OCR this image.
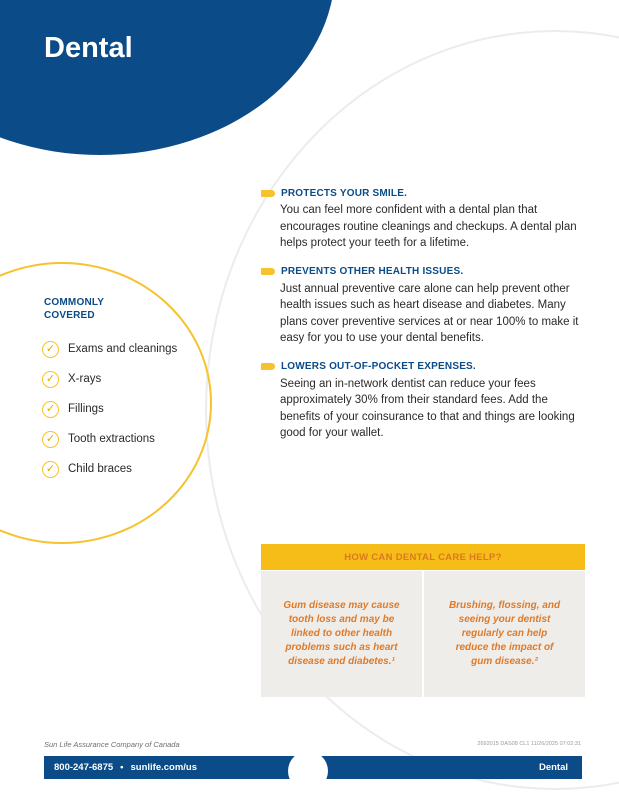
Dental
COMMONLY
COVERED
✓	Exams and cleanings
✓	X-rays
✓	Fillings
✓	Tooth extractions
✓	Child braces
PROTECTS YOUR SMILE.

You can feel more confident with a dental plan that encourages routine cleanings and checkups. A dental plan helps protect your teeth for a lifetime.

PREVENTS OTHER HEALTH ISSUES.

Just annual preventive care alone can help prevent other health issues such as heart disease and diabetes. Many plans cover preventive services at or near 100% to make it easy for you to use your dental benefits.

LOWERS OUT-OF-POCKET EXPENSES.

Seeing an in-network dentist can reduce your fees approximately 30% from their standard fees. Add the benefits of your coinsurance to that and things are looking good for your wallet.

HOW CAN DENTAL CARE HELP?
Gum disease may cause tooth loss and may be linked to other health problems such as heart disease and diabetes.¹
Brushing, flossing, and seeing your dentist regularly can help reduce the impact of gum disease.²
Sun Life Assurance Company of Canada	2692015 DAS08 CL1 11/26/2025 07:02:31
800-247-6875 • sunlife.com/us	Dental
